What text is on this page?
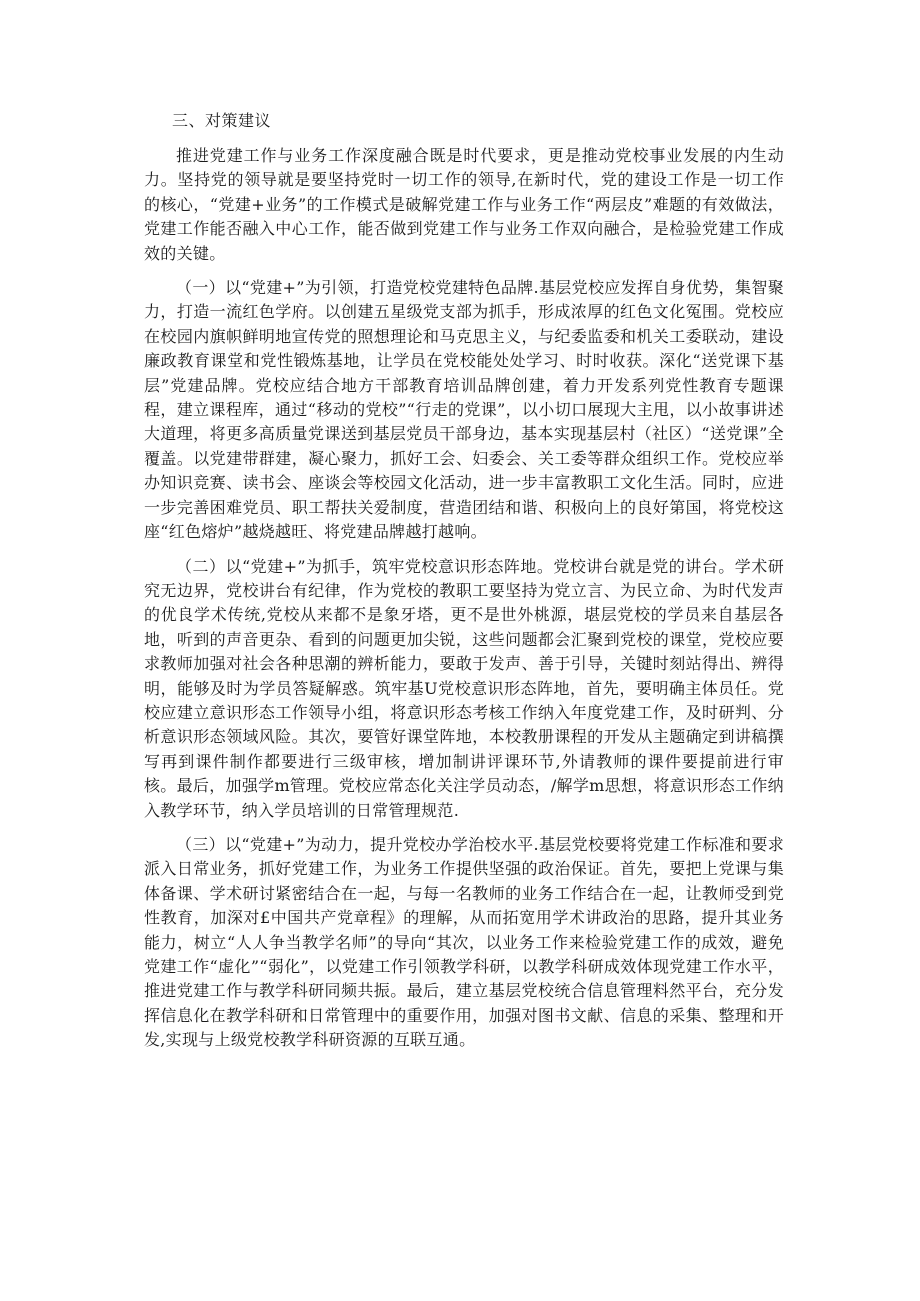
三、对策建议

推进党建工作与业务工作深度融合既是时代要求，更是推动党校事业发展的内生动力。坚持党的领导就是要坚持党时一切工作的领导,在新时代，党的建设工作是一切工作的核心，“党建+业务”的工作模式是破解党建工作与业务工作“两层皮”难题的有效做法，党建工作能否融入中心工作，能否做到党建工作与业务工作双向融合，是检验党建工作成效的关键。

（一）以“党建+”为引领，打造党校党建特色品牌.基层党校应发挥自身优势，集智聚力，打造一流红色学府。以创建五星级党支部为抓手，形成浓厚的红色文化冤围。党校应在校园内旗帜鲜明地宣传党的照想理论和马克思主义，与纪委监委和机关工委联动，建设廉政教育课堂和党性锻炼基地，让学员在党校能处处学习、时时收获。深化“送党课下基层”党建品牌。党校应结合地方干部教育培训品牌创建，着力开发系列党性教育专题课程，建立课程库，通过“移动的党校”“行走的党课”，以小切口展现大主甩，以小故事讲述大道理，将更多高质量党课送到基层党员干部身边，基本实现基层村（社区）“送党课”全覆盖。以党建带群建，凝心聚力，抓好工会、妇委会、关工委等群众组织工作。党校应举办知识竞赛、读书会、座谈会等校园文化活动，进一步丰富教职工文化生活。同时，应进一步完善困难党员、职工帮扶关爱制度，营造团结和谐、积极向上的良好第国，将党校这座“红色熔炉”越烧越旺、将党建品牌越打越响。

（二）以“党建+”为抓手，筑牢党校意识形态阵地。党校讲台就是党的讲台。学术研究无边界，党校讲台有纪律，作为党校的教职工要坚持为党立言、为民立命、为时代发声的优良学术传统,党校从来都不是象牙塔，更不是世外桃源，堪层党校的学员来自基层各地，听到的声音更杂、看到的问题更加尖锐，这些问题都会汇聚到党校的课堂，党校应要求教师加强对社会各种思潮的辨析能力，要敢于发声、善于引导，关键时刻站得出、辨得明，能够及时为学员答疑解惑。筑牢基U党校意识形态阵地，首先，要明确主体员任。党校应建立意识形态工作领导小组，将意识形态考核工作纳入年度党建工作，及时研判、分析意识形态领域风险。其次，要管好课堂阵地，本校教册课程的开发从主题确定到讲稿撰写再到课件制作都要进行三级审核，增加制讲评课环节,外请教师的课件要提前进行审核。最后，加强学m管理。党校应常态化关注学员动态，/解学m思想，将意识形态工作纳入教学环节，纳入学员培训的日常管理规范.

（三）以“党建+”为动力，提升党校办学治校水平.基层党校要将党建工作标准和要求派入日常业务，抓好党建工作，为业务工作提供坚强的政治保证。首先，要把上党课与集体备课、学术研讨紧密结合在一起，与每一名教师的业务工作结合在一起，让教师受到党性教育，加深对£中国共产党章程》的理解，从而拓宽用学术讲政治的思路，提升其业务能力，树立“人人争当教学名师”的导向“其次，以业务工作来检验党建工作的成效，避免党建工作“虚化”“弱化”，以党建工作引领教学科研，以教学科研成效体现党建工作水平，推进党建工作与教学科研同频共振。最后，建立基层党校统合信息管理料然平台，充分发挥信息化在教学科研和日常管理中的重要作用，加强对图书文献、信息的采集、整理和开发,实现与上级党校教学科研资源的互联互通。
